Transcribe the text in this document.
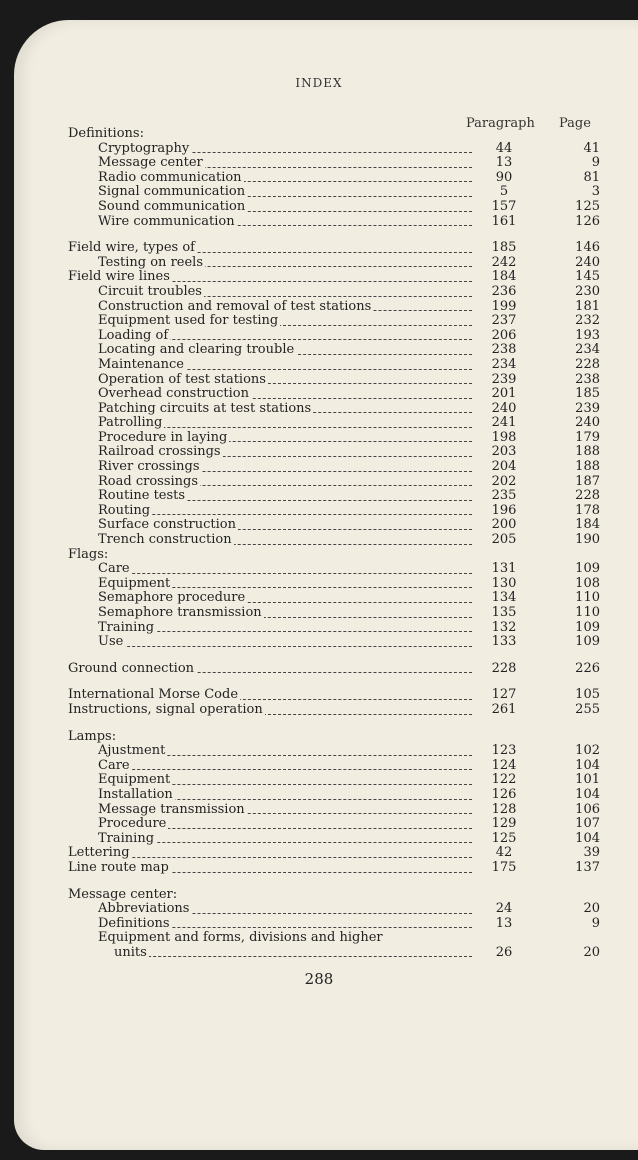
INDEX
Paragraph Page
Definitions:
Cryptography	44	41
Message center	13	9
Radio communication	90	81
Signal communication	5	3
Sound communication	157	125
Wire communication	161	126
Field wire, types of	185	146
Testing on reels	242	240
Field wire lines	184	145
Circuit troubles	236	230
Construction and removal of test stations	199	181
Equipment used for testing	237	232
Loading of	206	193
Locating and clearing trouble	238	234
Maintenance	234	228
Operation of test stations	239	238
Overhead construction	201	185
Patching circuits at test stations	240	239
Patrolling	241	240
Procedure in laying	198	179
Railroad crossings	203	188
River crossings	204	188
Road crossings	202	187
Routine tests	235	228
Routing	196	178
Surface construction	200	184
Trench construction	205	190
Flags:
Care	131	109
Equipment	130	108
Semaphore procedure	134	110
Semaphore transmission	135	110
Training	132	109
Use	133	109
Ground connection	228	226
International Morse Code	127	105
Instructions, signal operation	261	255
Lamps:
Ajustment	123	102
Care	124	104
Equipment	122	101
Installation	126	104
Message transmission	128	106
Procedure	129	107
Training	125	104
Lettering	42	39
Line route map	175	137
Message center:
Abbreviations	24	20
Definitions	13	9
Equipment and forms, divisions and higher
units	26	20
288
